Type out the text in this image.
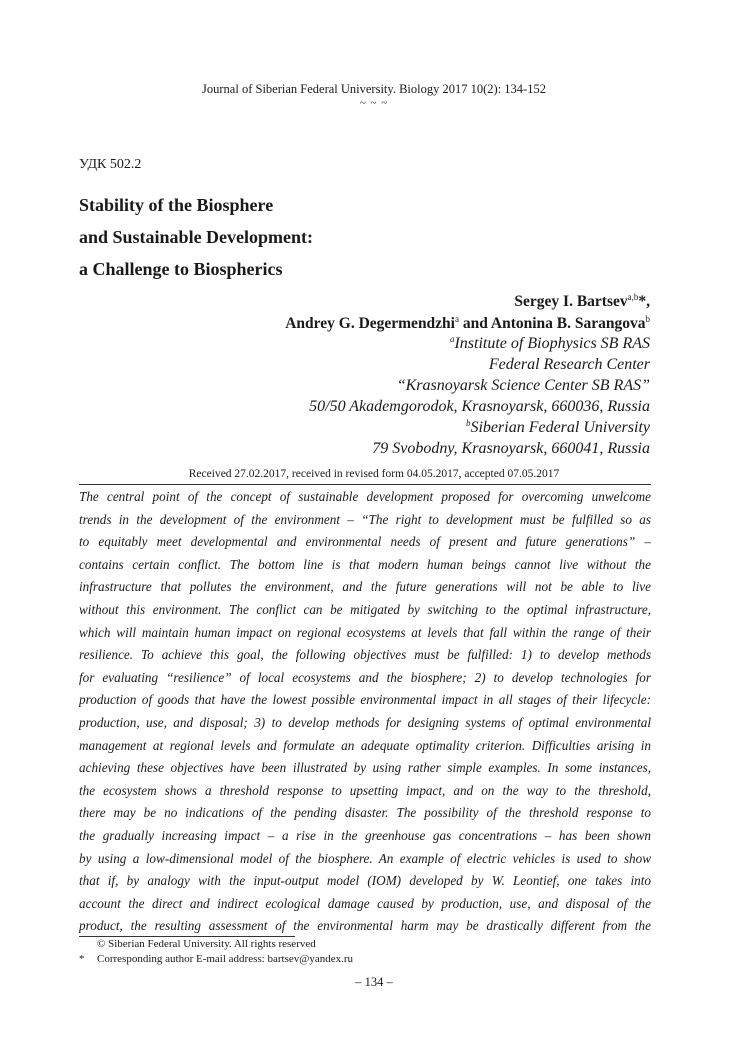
Journal of Siberian Federal University. Biology 2017 10(2): 134-152
~ ~ ~
УДК 502.2
Stability of the Biosphere
and Sustainable Development:
a Challenge to Biospherics
Sergey I. Bartsev$^{a,b}$*,
Andrey G. Degermendzhi$^a$ and Antonina B. Sarangova$^b$
$^a$Institute of Biophysics SB RAS
Federal Research Center
“Krasnoyarsk Science Center SB RAS”
50/50 Akademgorodok, Krasnoyarsk, 660036, Russia
$^b$Siberian Federal University
79 Svobodny, Krasnoyarsk, 660041, Russia
Received 27.02.2017, received in revised form 04.05.2017, accepted 07.05.2017
The central point of the concept of sustainable development proposed for overcoming unwelcome
trends in the development of the environment – “The right to development must be fulfilled so as
to equitably meet developmental and environmental needs of present and future generations” –
contains certain conflict. The bottom line is that modern human beings cannot live without the
infrastructure that pollutes the environment, and the future generations will not be able to live
without this environment. The conflict can be mitigated by switching to the optimal infrastructure,
which will maintain human impact on regional ecosystems at levels that fall within the range of their
resilience. To achieve this goal, the following objectives must be fulfilled: 1) to develop methods
for evaluating “resilience” of local ecosystems and the biosphere; 2) to develop technologies for
production of goods that have the lowest possible environmental impact in all stages of their lifecycle:
production, use, and disposal; 3) to develop methods for designing systems of optimal environmental
management at regional levels and formulate an adequate optimality criterion. Difficulties arising in
achieving these objectives have been illustrated by using rather simple examples. In some instances,
the ecosystem shows a threshold response to upsetting impact, and on the way to the threshold,
there may be no indications of the pending disaster. The possibility of the threshold response to
the gradually increasing impact – a rise in the greenhouse gas concentrations – has been shown
by using a low-dimensional model of the biosphere. An example of electric vehicles is used to show
that if, by analogy with the input-output model (IOM) developed by W. Leontief, one takes into
account the direct and indirect ecological damage caused by production, use, and disposal of the
product, the resulting assessment of the environmental harm may be drastically different from the
© Siberian Federal University. All rights reserved
* Corresponding author E-mail address: bartsev@yandex.ru
– 134 –
